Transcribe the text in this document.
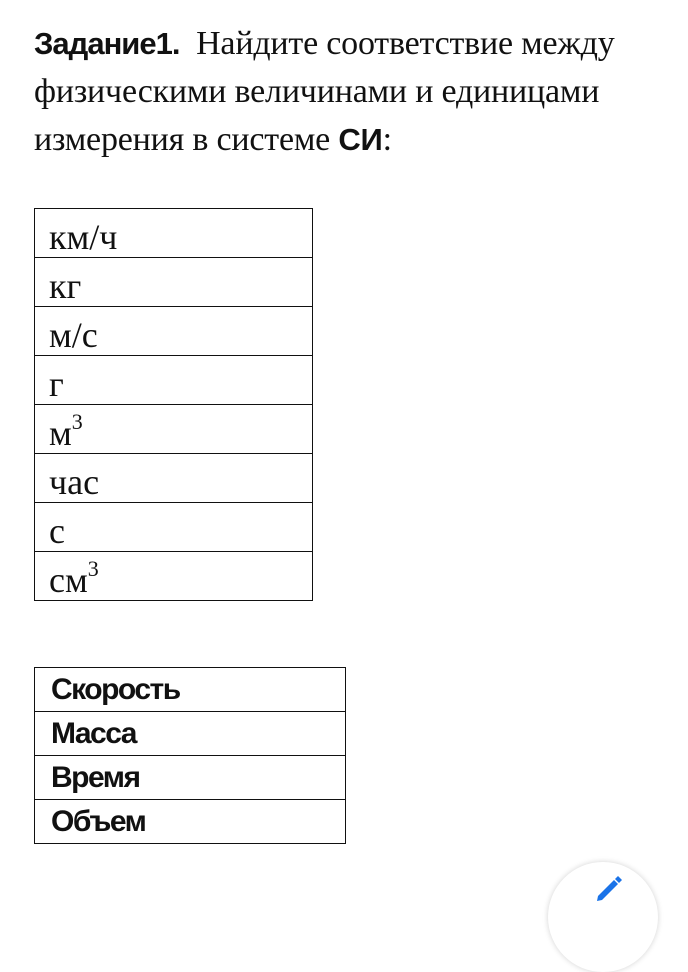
Задание1. Найдите соответствие между физическими величинами и единицами измерения в системе СИ:
км/ч
кг
м/с
г
$м^3$
час
с
$см^3$
Скорость
Масса
Время
Объем
